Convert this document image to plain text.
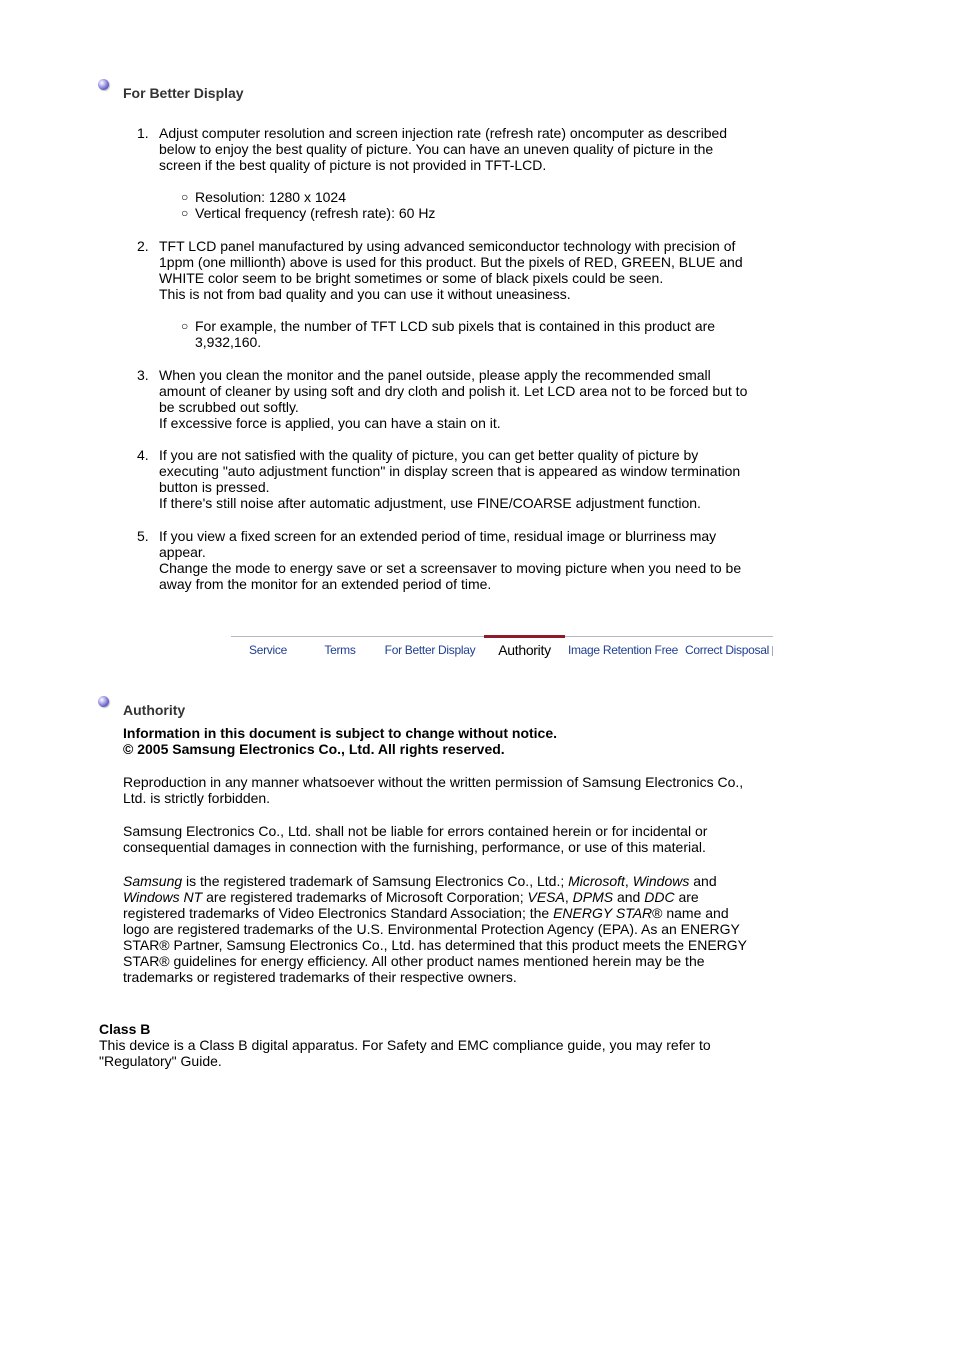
For Better Display
1. Adjust computer resolution and screen injection rate (refresh rate) oncomputer as described below to enjoy the best quality of picture. You can have an uneven quality of picture in the screen if the best quality of picture is not provided in TFT-LCD.
○ Resolution: 1280 x 1024
○ Vertical frequency (refresh rate): 60 Hz
2. TFT LCD panel manufactured by using advanced semiconductor technology with precision of 1ppm (one millionth) above is used for this product. But the pixels of RED, GREEN, BLUE and WHITE color seem to be bright sometimes or some of black pixels could be seen.
This is not from bad quality and you can use it without uneasiness.
○ For example, the number of TFT LCD sub pixels that is contained in this product are 3,932,160.
3. When you clean the monitor and the panel outside, please apply the recommended small amount of cleaner by using soft and dry cloth and polish it. Let LCD area not to be forced but to be scrubbed out softly.
If excessive force is applied, you can have a stain on it.
4. If you are not satisfied with the quality of picture, you can get better quality of picture by executing "auto adjustment function" in display screen that is appeared as window termination button is pressed.
If there's still noise after automatic adjustment, use FINE/COARSE adjustment function.
5. If you view a fixed screen for an extended period of time, residual image or blurriness may appear.
Change the mode to energy save or set a screensaver to moving picture when you need to be away from the monitor for an extended period of time.
Service	Terms	For Better Display	Authority	Image Retention Free Correct Disposal
Authority
Information in this document is subject to change without notice.
© 2005 Samsung Electronics Co., Ltd. All rights reserved.
Reproduction in any manner whatsoever without the written permission of Samsung Electronics Co., Ltd. is strictly forbidden.
Samsung Electronics Co., Ltd. shall not be liable for errors contained herein or for incidental or consequential damages in connection with the furnishing, performance, or use of this material.
Samsung is the registered trademark of Samsung Electronics Co., Ltd.; Microsoft, Windows and Windows NT are registered trademarks of Microsoft Corporation; VESA, DPMS and DDC are registered trademarks of Video Electronics Standard Association; the ENERGY STAR® name and logo are registered trademarks of the U.S. Environmental Protection Agency (EPA). As an ENERGY STAR® Partner, Samsung Electronics Co., Ltd. has determined that this product meets the ENERGY STAR® guidelines for energy efficiency. All other product names mentioned herein may be the trademarks or registered trademarks of their respective owners.
Class B
This device is a Class B digital apparatus. For Safety and EMC compliance guide, you may refer to "Regulatory" Guide.
